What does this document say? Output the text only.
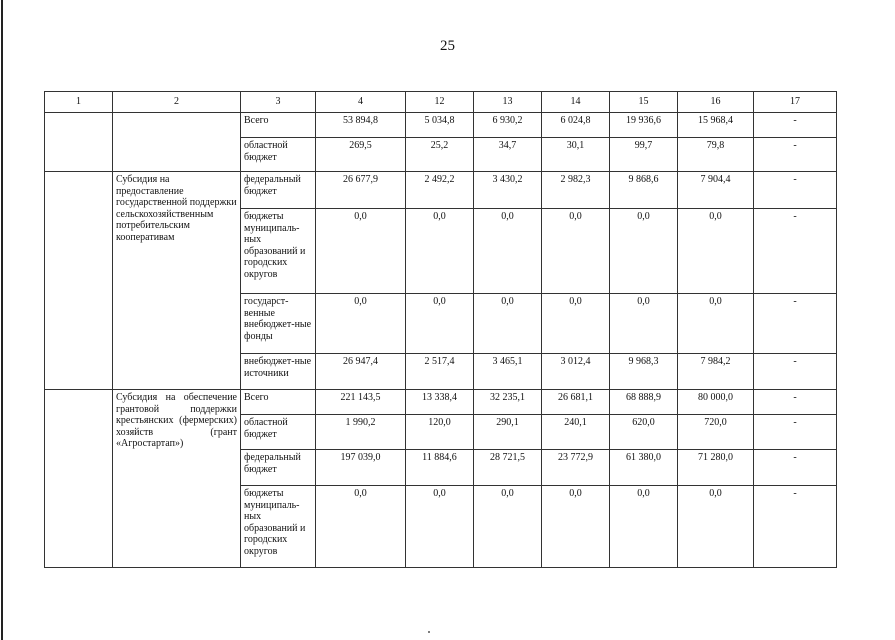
25
1	2	3	4	12	13	14	15	16	17
		Всего	53 894,8	5 034,8	6 930,2	6 024,8	19 936,6	15 968,4	-
		областной бюджет	269,5	25,2	34,7	30,1	99,7	79,8	-
	Субсидия на предоставление государственной поддержки сельскохозяйственным потребительским кооперативам	федеральный бюджет	26 677,9	2 492,2	3 430,2	2 982,3	9 868,6	7 904,4	-
		бюджеты муниципаль-ных образований и городских округов	0,0	0,0	0,0	0,0	0,0	0,0	-
		государст-венные внебюджет-ные фонды	0,0	0,0	0,0	0,0	0,0	0,0	-
		внебюджет-ные источники	26 947,4	2 517,4	3 465,1	3 012,4	9 968,3	7 984,2	-
	Субсидия на обеспечение грантовой поддержки крестьянских (фермерских) хозяйств (грант «Агростартап»)	Всего	221 143,5	13 338,4	32 235,1	26 681,1	68 888,9	80 000,0	-
		областной бюджет	1 990,2	120,0	290,1	240,1	620,0	720,0	-
		федеральный бюджет	197 039,0	11 884,6	28 721,5	23 772,9	61 380,0	71 280,0	-
		бюджеты муниципаль-ных образований и городских округов	0,0	0,0	0,0	0,0	0,0	0,0	-
